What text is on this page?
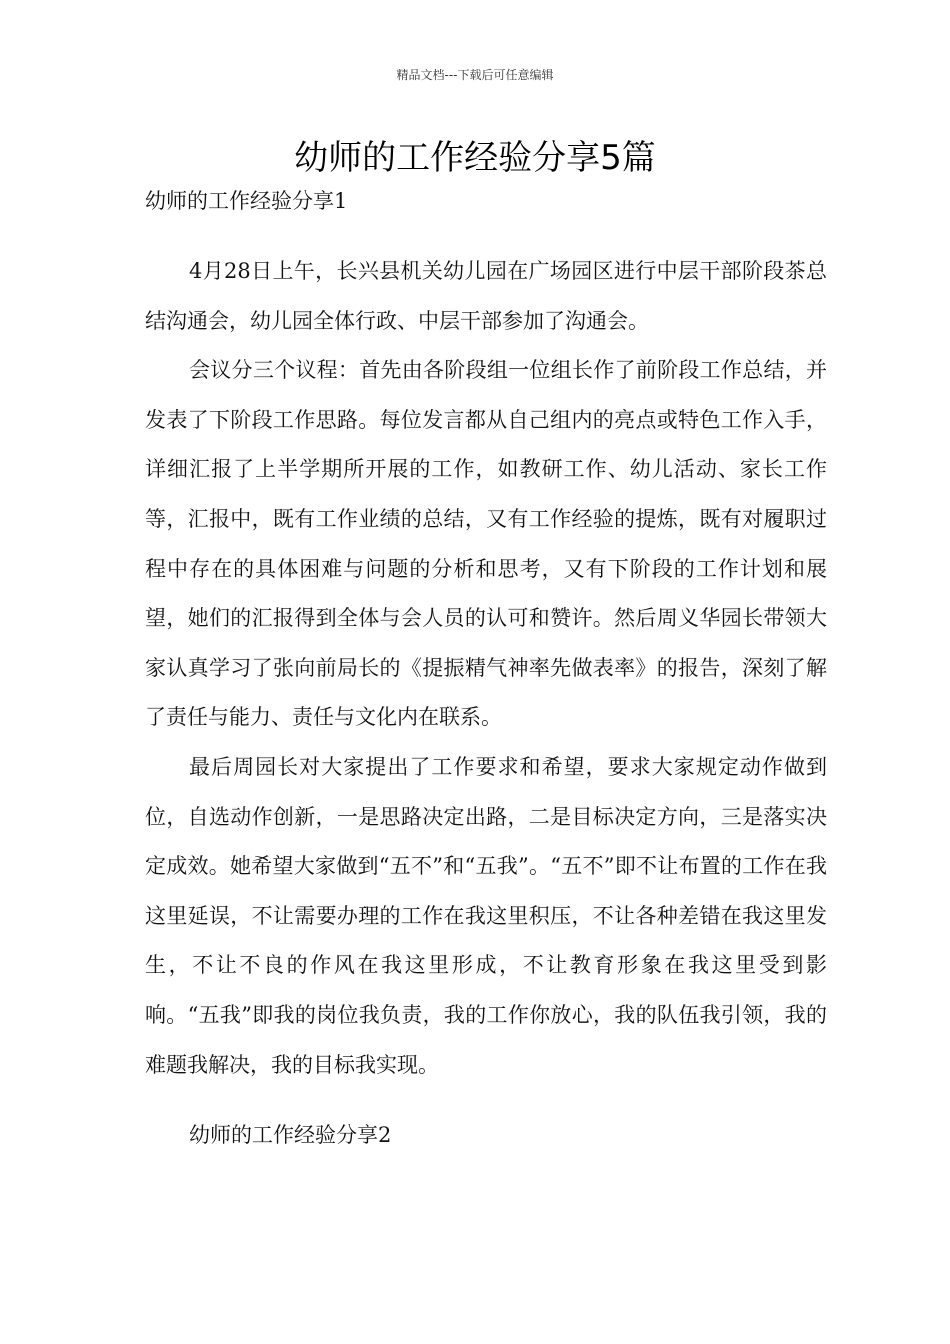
精品文档---下载后可任意编辑
幼师的工作经验分享5篇
幼师的工作经验分享1

4月28日上午，长兴县机关幼儿园在广场园区进行中层干部阶段茶总结沟通会，幼儿园全体行政、中层干部参加了沟通会。

会议分三个议程：首先由各阶段组一位组长作了前阶段工作总结，并发表了下阶段工作思路。每位发言都从自己组内的亮点或特色工作入手，详细汇报了上半学期所开展的工作，如教研工作、幼儿活动、家长工作等，汇报中，既有工作业绩的总结，又有工作经验的提炼，既有对履职过程中存在的具体困难与问题的分析和思考，又有下阶段的工作计划和展望，她们的汇报得到全体与会人员的认可和赞许。然后周义华园长带领大家认真学习了张向前局长的《提振精气神率先做表率》的报告，深刻了解了责任与能力、责任与文化内在联系。

最后周园长对大家提出了工作要求和希望，要求大家规定动作做到位，自选动作创新，一是思路决定出路，二是目标决定方向，三是落实决定成效。她希望大家做到“五不”和“五我”。“五不”即不让布置的工作在我这里延误，不让需要办理的工作在我这里积压，不让各种差错在我这里发生，不让不良的作风在我这里形成，不让教育形象在我这里受到影响。“五我”即我的岗位我负责，我的工作你放心，我的队伍我引领，我的难题我解决，我的目标我实现。

幼师的工作经验分享2
